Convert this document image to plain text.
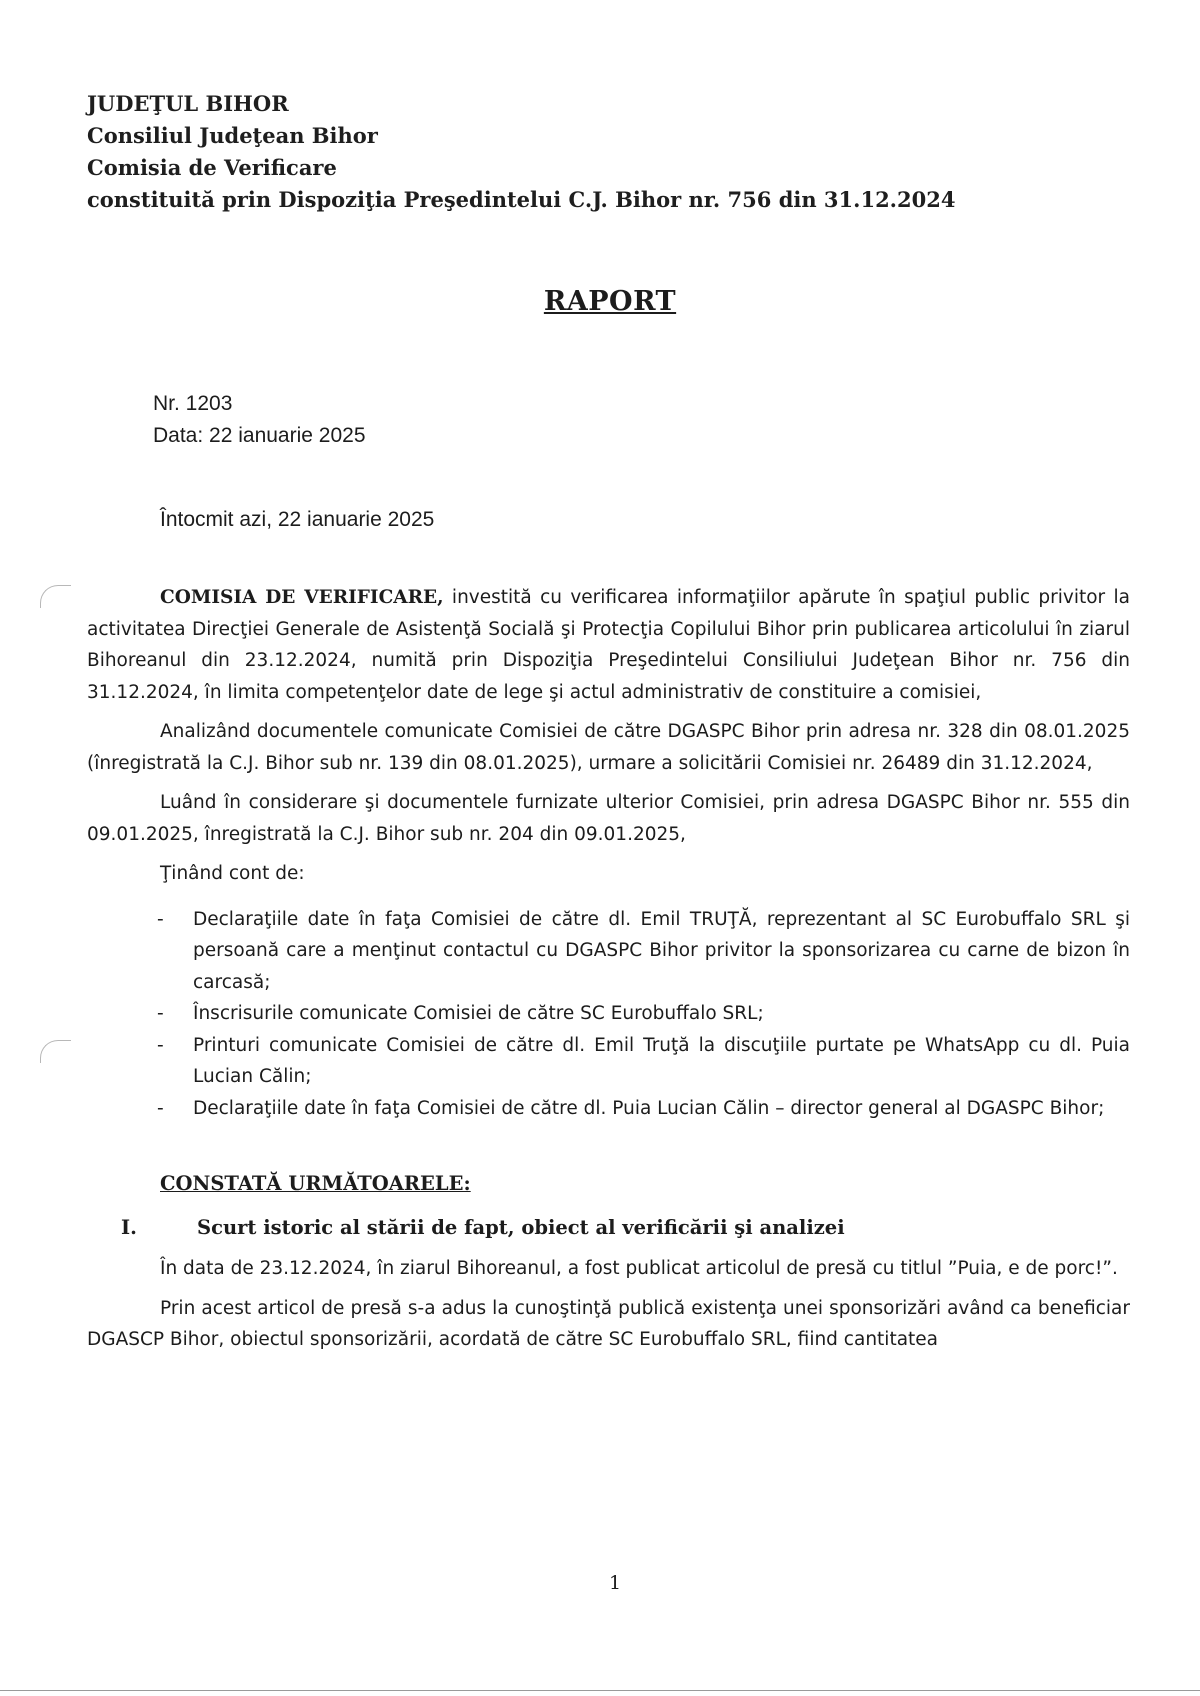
JUDEŢUL BIHOR
Consiliul Judeţean Bihor
Comisia de Verificare
constituită prin Dispoziţia Preşedintelui C.J. Bihor nr. 756 din 31.12.2024
RAPORT
Nr. 1203
Data: 22 ianuarie 2025
Întocmit azi, 22 ianuarie 2025

COMISIA DE VERIFICARE, investită cu verificarea informaţiilor apărute în spaţiul public privitor la activitatea Direcţiei Generale de Asistenţă Socială şi Protecţia Copilului Bihor prin publicarea articolului în ziarul Bihoreanul din 23.12.2024, numită prin Dispoziţia Preşedintelui Consiliului Judeţean Bihor nr. 756 din 31.12.2024, în limita competenţelor date de lege şi actul administrativ de constituire a comisiei,

Analizând documentele comunicate Comisiei de către DGASPC Bihor prin adresa nr. 328 din 08.01.2025 (înregistrată la C.J. Bihor sub nr. 139 din 08.01.2025), urmare a solicitării Comisiei nr. 26489 din 31.12.2024,

Luând în considerare şi documentele furnizate ulterior Comisiei, prin adresa DGASPC Bihor nr. 555 din 09.01.2025, înregistrată la C.J. Bihor sub nr. 204 din 09.01.2025,

Ţinând cont de:

- Declaraţiile date în faţa Comisiei de către dl. Emil TRUŢĂ, reprezentant al SC Eurobuffalo SRL şi persoană care a menţinut contactul cu DGASPC Bihor privitor la sponsorizarea cu carne de bizon în carcasă;
- Înscrisurile comunicate Comisiei de către SC Eurobuffalo SRL;
- Printuri comunicate Comisiei de către dl. Emil Truţă la discuţiile purtate pe WhatsApp cu dl. Puia Lucian Călin;
- Declaraţiile date în faţa Comisiei de către dl. Puia Lucian Călin – director general al DGASPC Bihor;
CONSTATĂ URMĂTOARELE:
I.	Scurt istoric al stării de fapt, obiect al verificării şi analizei

În data de 23.12.2024, în ziarul Bihoreanul, a fost publicat articolul de presă cu titlul ”Puia, e de porc!”.

Prin acest articol de presă s-a adus la cunoştinţă publică existenţa unei sponsorizări având ca beneficiar DGASCP Bihor, obiectul sponsorizării, acordată de către SC Eurobuffalo SRL, fiind cantitatea

1
